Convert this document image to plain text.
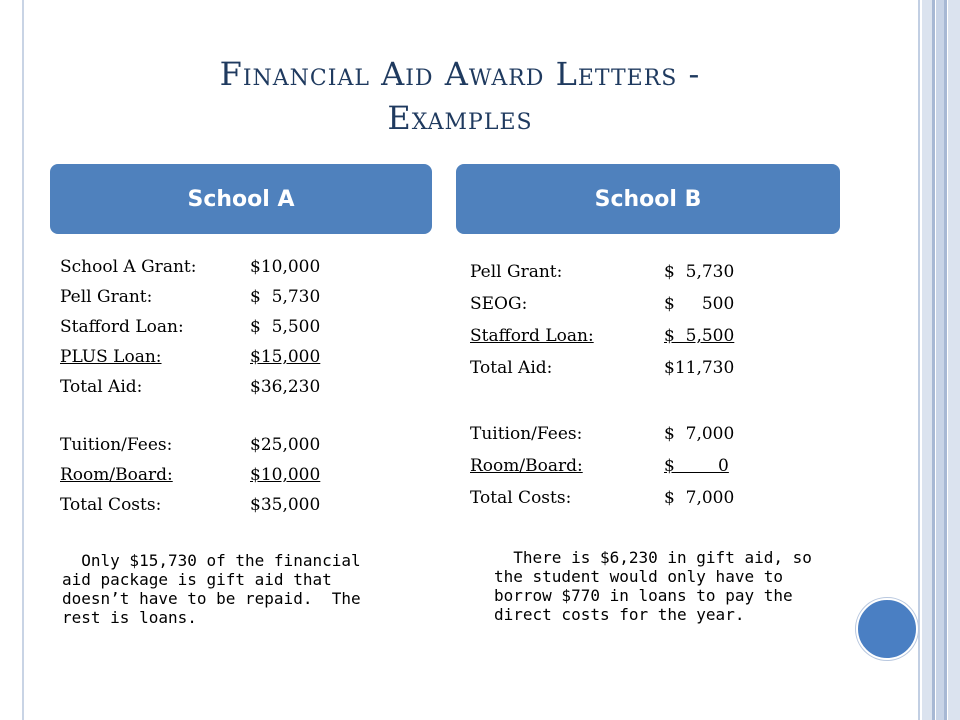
Financial Aid Award Letters -
Examples
School A	School B
School A Grant:	$10,000
Pell Grant:	$  5,730
Stafford Loan:	$  5,500
PLUS Loan:	$15,000
Total Aid:	$36,230
Tuition/Fees:	$25,000
Room/Board:	$10,000
Total Costs:	$35,000
Pell Grant:	$  5,730
SEOG:	$     500
Stafford Loan:	$  5,500
Total Aid:	$11,730
Tuition/Fees:	$  7,000
Room/Board:	$        0
Total Costs:	$  7,000
Only $15,730 of the financial
aid package is gift aid that
doesn’t have to be repaid.  The
rest is loans.
There is $6,230 in gift aid, so
the student would only have to
borrow $770 in loans to pay the
direct costs for the year.
